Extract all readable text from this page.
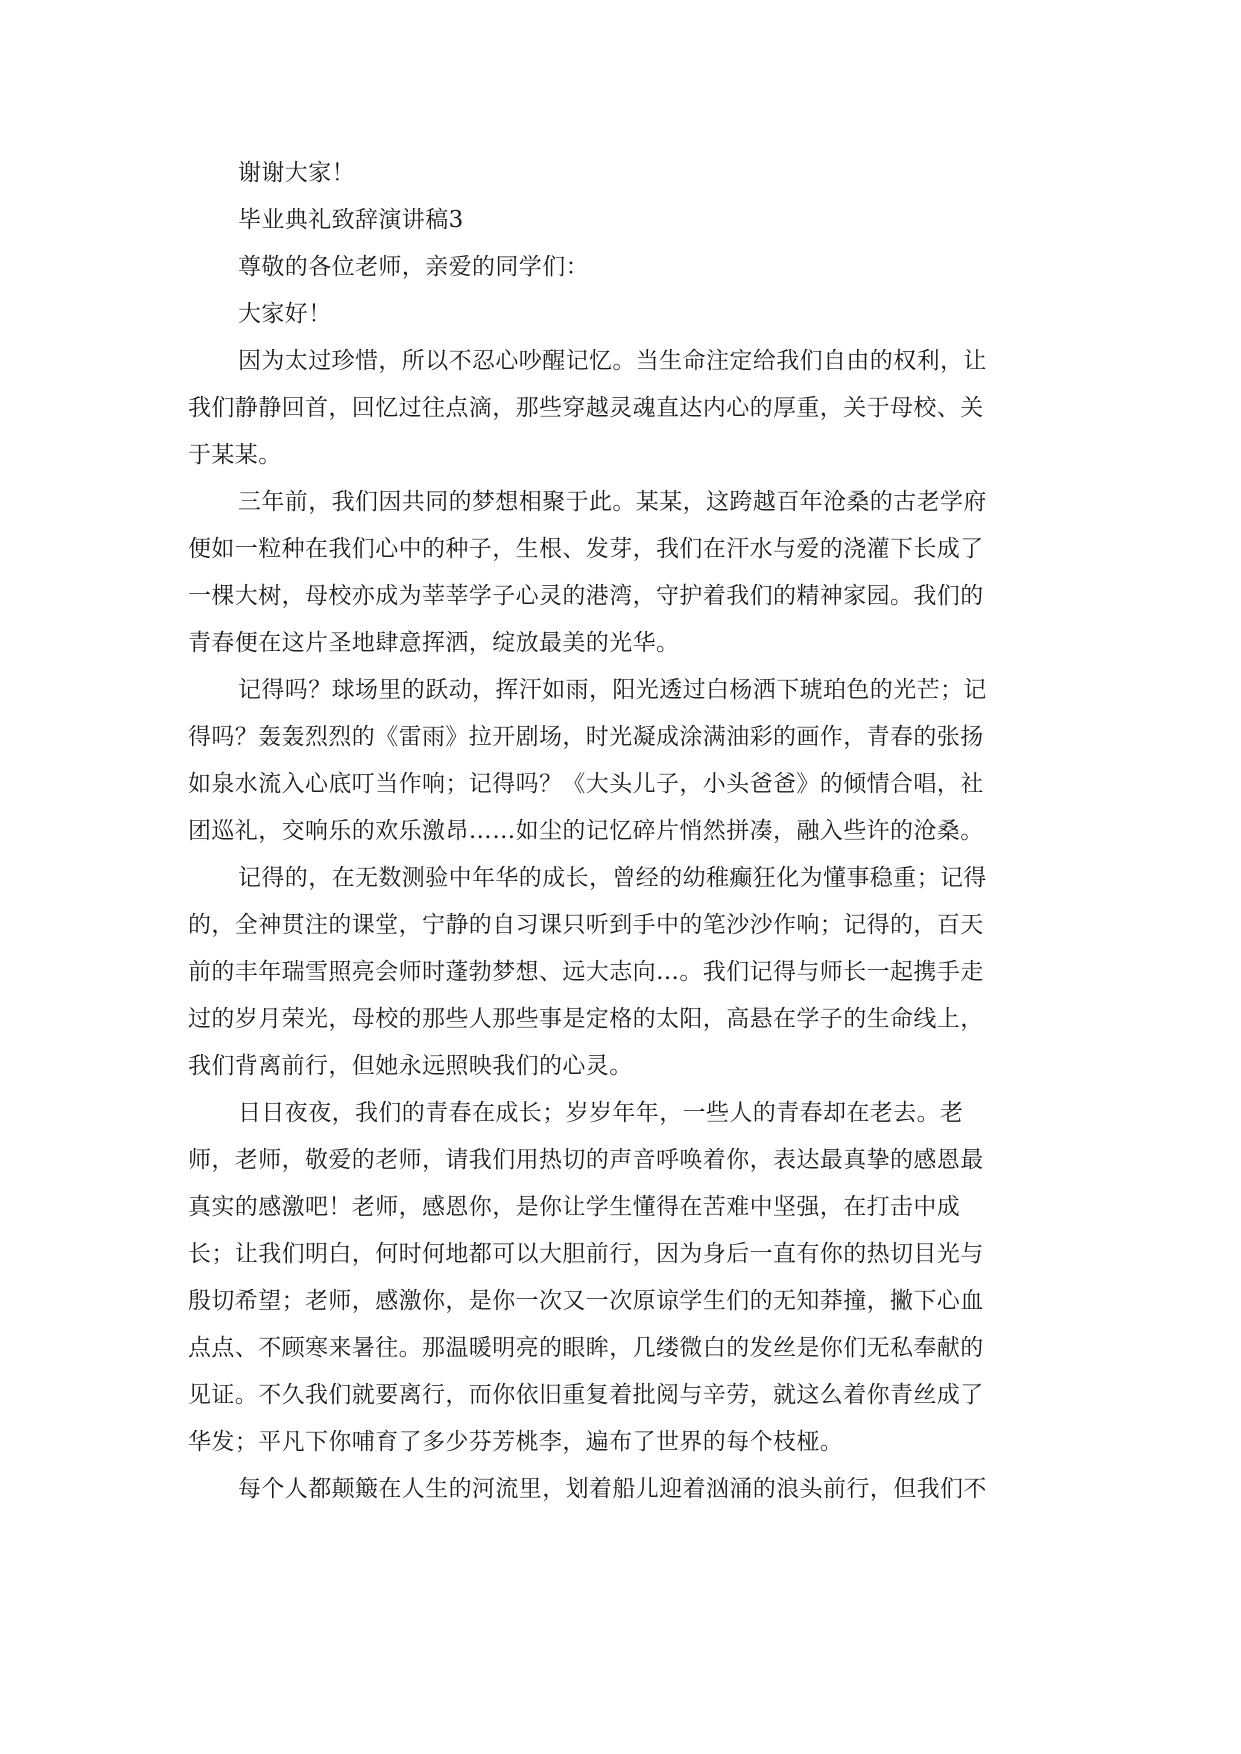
谢谢大家！
毕业典礼致辞演讲稿3
尊敬的各位老师，亲爱的同学们：
大家好！
因为太过珍惜，所以不忍心吵醒记忆。当生命注定给我们自由的权利，让
我们静静回首，回忆过往点滴，那些穿越灵魂直达内心的厚重，关于母校、关
于某某。
三年前，我们因共同的梦想相聚于此。某某，这跨越百年沧桑的古老学府
便如一粒种在我们心中的种子，生根、发芽，我们在汗水与爱的浇灌下长成了
一棵大树，母校亦成为莘莘学子心灵的港湾，守护着我们的精神家园。我们的
青春便在这片圣地肆意挥洒，绽放最美的光华。
记得吗？球场里的跃动，挥汗如雨，阳光透过白杨洒下琥珀色的光芒；记
得吗？轰轰烈烈的《雷雨》拉开剧场，时光凝成涂满油彩的画作，青春的张扬
如泉水流入心底叮当作响；记得吗？《大头儿子，小头爸爸》的倾情合唱，社
团巡礼，交响乐的欢乐激昂……如尘的记忆碎片悄然拼凑，融入些许的沧桑。
记得的，在无数测验中年华的成长，曾经的幼稚癫狂化为懂事稳重；记得
的，全神贯注的课堂，宁静的自习课只听到手中的笔沙沙作响；记得的，百天
前的丰年瑞雪照亮会师时蓬勃梦想、远大志向…。我们记得与师长一起携手走
过的岁月荣光，母校的那些人那些事是定格的太阳，高悬在学子的生命线上，
我们背离前行，但她永远照映我们的心灵。
日日夜夜，我们的青春在成长；岁岁年年，一些人的青春却在老去。老
师，老师，敬爱的老师，请我们用热切的声音呼唤着你，表达最真挚的感恩最
真实的感激吧！老师，感恩你，是你让学生懂得在苦难中坚强，在打击中成
长；让我们明白，何时何地都可以大胆前行，因为身后一直有你的热切目光与
殷切希望；老师，感激你，是你一次又一次原谅学生们的无知莽撞，撇下心血
点点、不顾寒来暑往。那温暖明亮的眼眸，几缕微白的发丝是你们无私奉献的
见证。不久我们就要离行，而你依旧重复着批阅与辛劳，就这么着你青丝成了
华发；平凡下你哺育了多少芬芳桃李，遍布了世界的每个枝桠。
每个人都颠簸在人生的河流里，划着船儿迎着汹涌的浪头前行，但我们不
